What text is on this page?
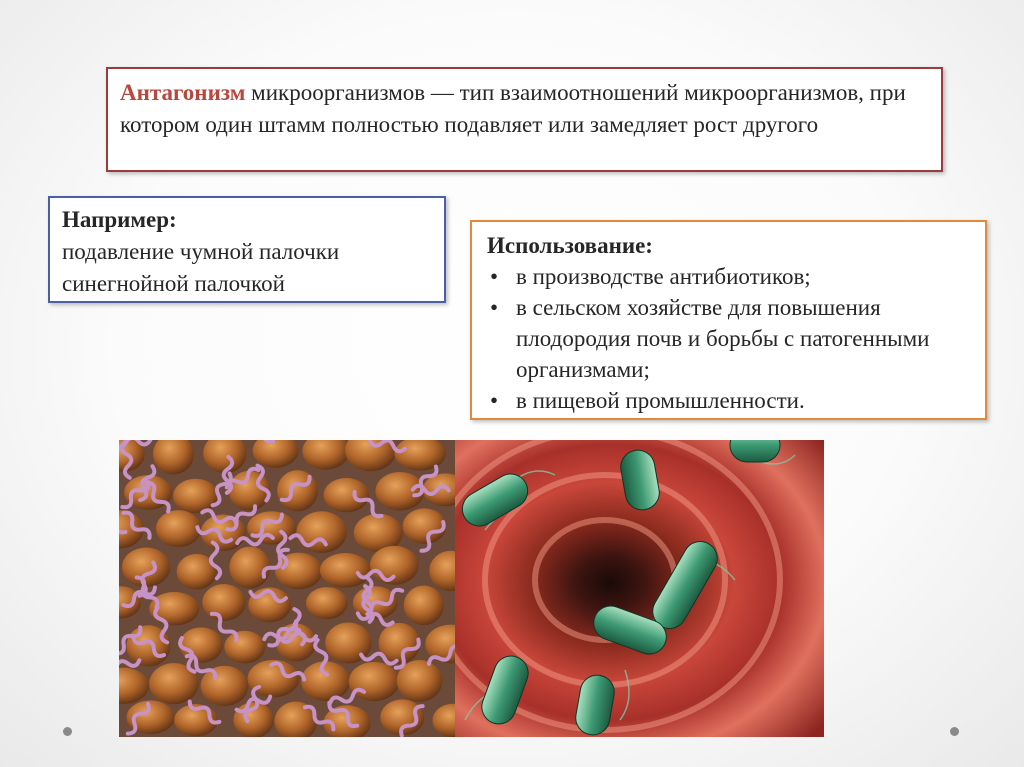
Антагонизм микроорганизмов — тип взаимоотношений микроорганизмов, при котором один штамм полностью подавляет или замедляет рост другого
Например:
подавление чумной палочки синегнойной палочкой
Использование:
• в производстве антибиотиков;
• в сельском хозяйстве для повышения плодородия почв и борьбы с патогенными организмами;
• в пищевой промышленности.
